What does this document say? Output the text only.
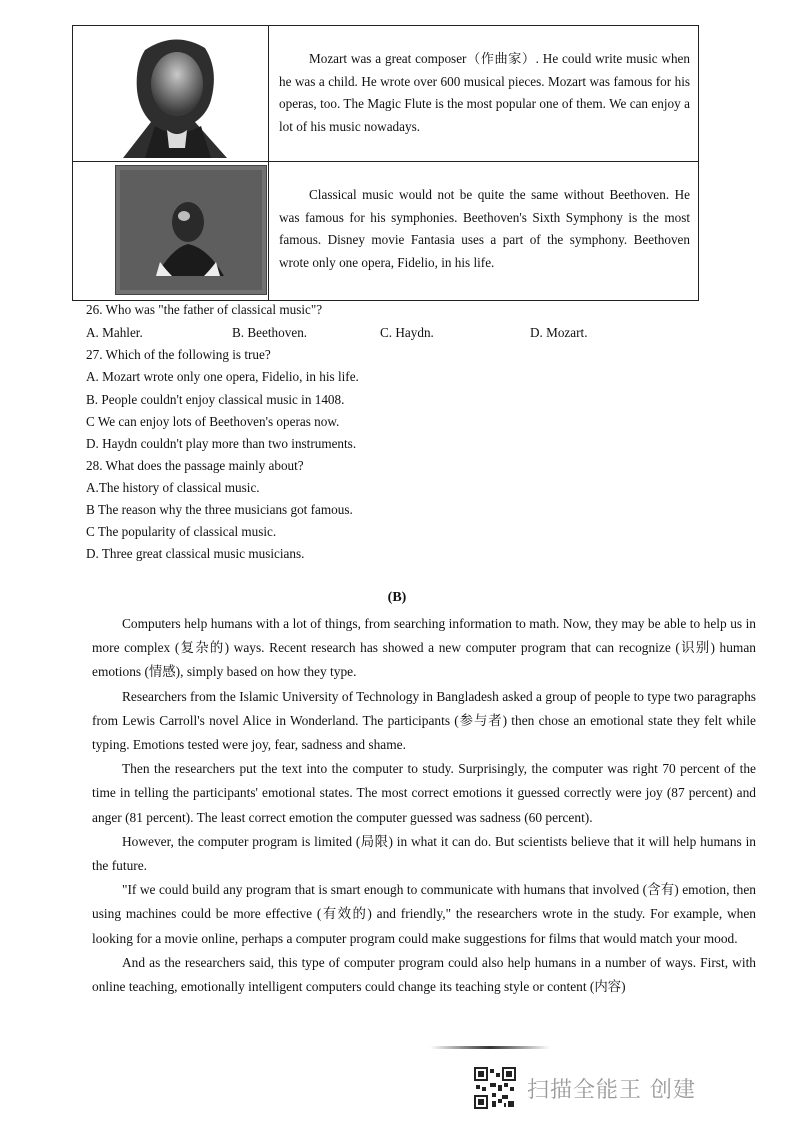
Mozart was a great composer（作曲家）. He could write music when he was a child. He wrote over 600 musical pieces. Mozart was famous for his operas, too. The Magic Flute is the most popular one of them. We can enjoy a lot of his music nowadays.

Classical music would not be quite the same without Beethoven. He was famous for his symphonies. Beethoven's Sixth Symphony is the most famous. Disney movie Fantasia uses a part of the symphony. Beethoven wrote only one opera, Fidelio, in his life.

26. Who was "the father of classical music"?
A. Mahler.	B. Beethoven.	C. Haydn.	D. Mozart.
27. Which of the following is true?
A. Mozart wrote only one opera, Fidelio, in his life.
B. People couldn't enjoy classical music in 1408.
C We can enjoy lots of Beethoven's operas now.
D. Haydn couldn't play more than two instruments.
28. What does the passage mainly about?
A.The history of classical music.
B The reason why the three musicians got famous.
C The popularity of classical music.
D. Three great classical music musicians.
(B)

Computers help humans with a lot of things, from searching information to math. Now, they may be able to help us in more complex (复杂的) ways. Recent research has showed a new computer program that can recognize (识别) human emotions (情感), simply based on how they type.

Researchers from the Islamic University of Technology in Bangladesh asked a group of people to type two paragraphs from Lewis Carroll's novel Alice in Wonderland. The participants (参与者) then chose an emotional state they felt while typing. Emotions tested were joy, fear, sadness and shame.

Then the researchers put the text into the computer to study. Surprisingly, the computer was right 70 percent of the time in telling the participants' emotional states. The most correct emotions it guessed correctly were joy (87 percent) and anger (81 percent). The least correct emotion the computer guessed was sadness (60 percent).

However, the computer program is limited (局限) in what it can do. But scientists believe that it will help humans in the future.

"If we could build any program that is smart enough to communicate with humans that involved (含有) emotion, then using machines could be more effective (有效的) and friendly," the researchers wrote in the study. For example, when looking for a movie online, perhaps a computer program could make suggestions for films that would match your mood.

And as the researchers said, this type of computer program could also help humans in a number of ways. First, with online teaching, emotionally intelligent computers could change its teaching style or content (内容)

扫描全能王 创建
